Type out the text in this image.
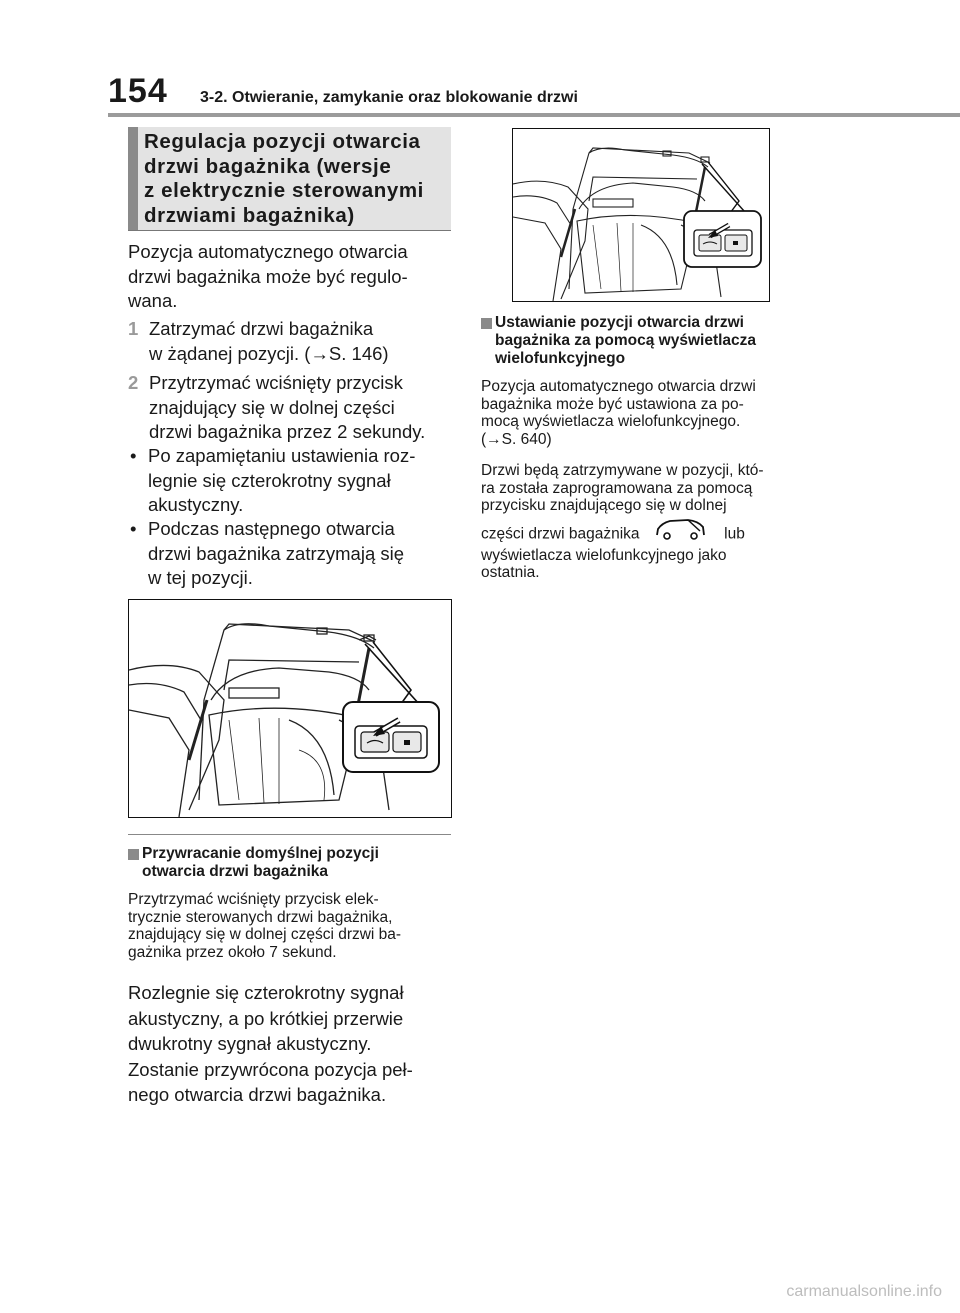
154 3-2. Otwieranie, zamykanie oraz blokowanie drzwi
Regulacja pozycji otwarcia
drzwi bagażnika (wersje
z elektrycznie sterowanymi
drzwiami bagażnika)
Pozycja automatycznego otwarcia
drzwi bagażnika może być regulo-
wana.
1 Zatrzymać drzwi bagażnika
w żądanej pozycji. (→S. 146)
2 Przytrzymać wciśnięty przycisk
znajdujący się w dolnej części
drzwi bagażnika przez 2 sekundy.
• Po zapamiętaniu ustawienia roz-
legnie się czterokrotny sygnał
akustyczny.
• Podczas następnego otwarcia
drzwi bagażnika zatrzymają się
w tej pozycji.
Przywracanie domyślnej pozycji
otwarcia drzwi bagażnika
Przytrzymać wciśnięty przycisk elek-
trycznie sterowanych drzwi bagażnika,
znajdujący się w dolnej części drzwi ba-
gażnika przez około 7 sekund.
Rozlegnie się czterokrotny sygnał
akustyczny, a po krótkiej przerwie
dwukrotny sygnał akustyczny.
Zostanie przywrócona pozycja peł-
nego otwarcia drzwi bagażnika.
Ustawianie pozycji otwarcia drzwi
bagażnika za pomocą wyświetlacza
wielofunkcyjnego
Pozycja automatycznego otwarcia drzwi
bagażnika może być ustawiona za po-
mocą wyświetlacza wielofunkcyjnego.
(→S. 640)
Drzwi będą zatrzymywane w pozycji, któ-
ra została zaprogramowana za pomocą
przycisku znajdującego się w dolnej
części drzwi bagażnika	lub
wyświetlacza wielofunkcyjnego jako
ostatnia.
carmanualsonline.info
